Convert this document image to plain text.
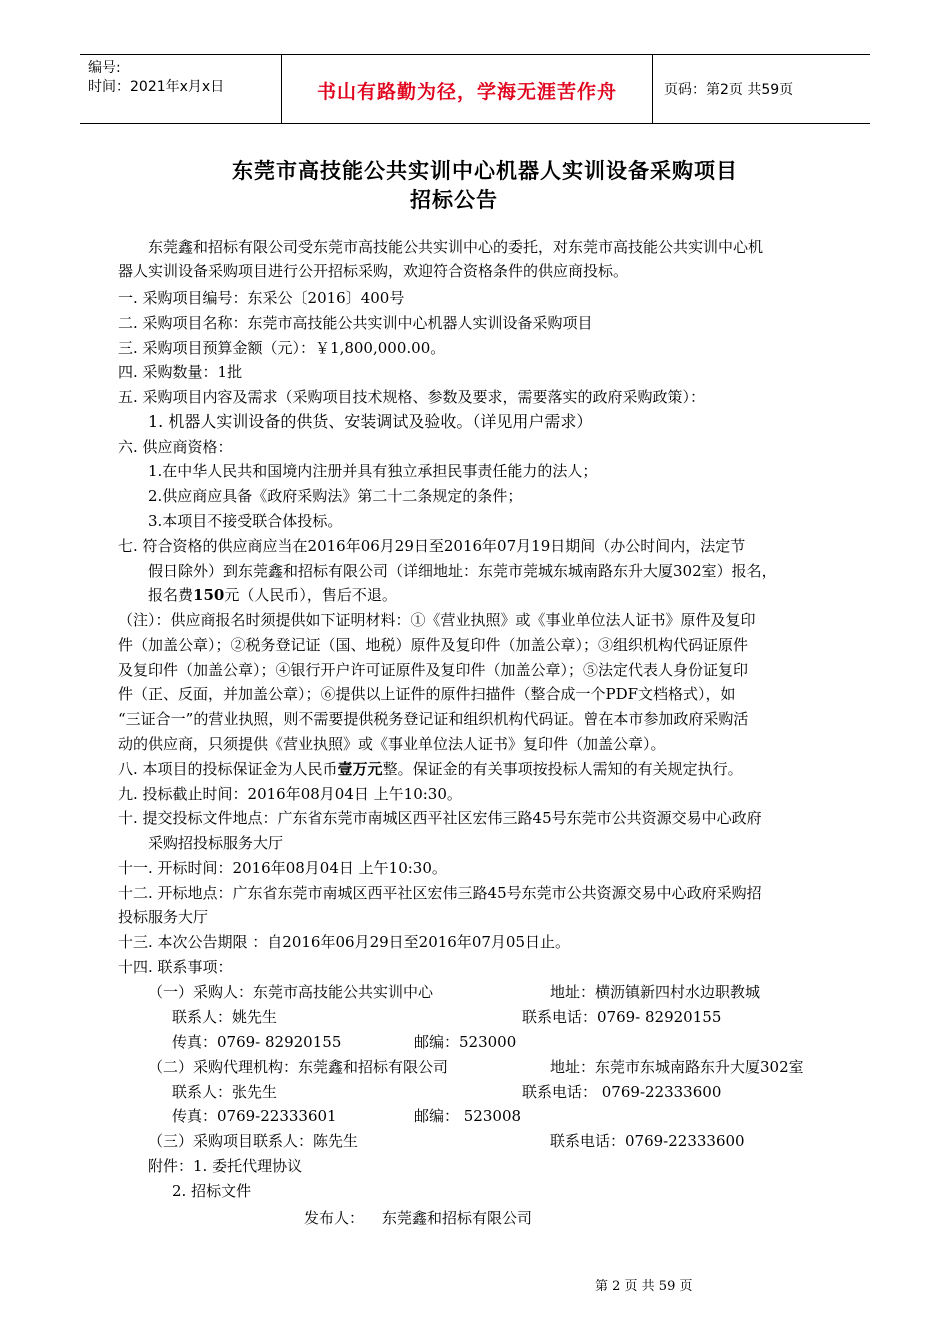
编号:
时间：2021年x月x日	书山有路勤为径，学海无涯苦作舟	页码：第2页 共59页
东莞市高技能公共实训中心机器人实训设备采购项目
招标公告
东莞鑫和招标有限公司受东莞市高技能公共实训中心的委托，对东莞市高技能公共实训中心机
器人实训设备采购项目进行公开招标采购，欢迎符合资格条件的供应商投标。
一. 采购项目编号：东采公〔2016〕400号
二. 采购项目名称：东莞市高技能公共实训中心机器人实训设备采购项目
三. 采购项目预算金额（元）：￥1,800,000.00。
四. 采购数量：1批
五. 采购项目内容及需求（采购项目技术规格、参数及要求，需要落实的政府采购政策）：
1. 机器人实训设备的供货、安装调试及验收。（详见用户需求）
六. 供应商资格：
1.在中华人民共和国境内注册并具有独立承担民事责任能力的法人；
2.供应商应具备《政府采购法》第二十二条规定的条件；
3.本项目不接受联合体投标。
七. 符合资格的供应商应当在2016年06月29日至2016年07月19日期间（办公时间内，法定节
假日除外）到东莞鑫和招标有限公司（详细地址：东莞市莞城东城南路东升大厦302室）报名，
报名费150元（人民币），售后不退。
（注）：供应商报名时须提供如下证明材料：①《营业执照》或《事业单位法人证书》原件及复印
件（加盖公章）；②税务登记证（国、地税）原件及复印件（加盖公章）；③组织机构代码证原件
及复印件（加盖公章）；④银行开户许可证原件及复印件（加盖公章）；⑤法定代表人身份证复印
件（正、反面，并加盖公章）；⑥提供以上证件的原件扫描件（整合成一个PDF文档格式），如
“三证合一”的营业执照，则不需要提供税务登记证和组织机构代码证。曾在本市参加政府采购活
动的供应商，只须提供《营业执照》或《事业单位法人证书》复印件（加盖公章）。
八. 本项目的投标保证金为人民币壹万元整。保证金的有关事项按投标人需知的有关规定执行。
九. 投标截止时间：2016年08月04日 上午10:30。
十. 提交投标文件地点：广东省东莞市南城区西平社区宏伟三路45号东莞市公共资源交易中心政府
采购招投标服务大厅
十一. 开标时间：2016年08月04日 上午10:30。
十二. 开标地点：广东省东莞市南城区西平社区宏伟三路45号东莞市公共资源交易中心政府采购招
投标服务大厅
十三. 本次公告期限 ：自2016年06月29日至2016年07月05日止。
十四. 联系事项：
（一）采购人：东莞市高技能公共实训中心	地址：横沥镇新四村水边职教城
联系人：姚先生	联系电话：0769- 82920155
传真：0769- 82920155	邮编：523000
（二）采购代理机构：东莞鑫和招标有限公司	地址：东莞市东城南路东升大厦302室
联系人：张先生	联系电话： 0769-22333600
传真：0769-22333601	邮编： 523008
（三）采购项目联系人：陈先生	联系电话：0769-22333600
附件：1. 委托代理协议
2. 招标文件
发布人： 东莞鑫和招标有限公司
第 2 页 共 59 页
